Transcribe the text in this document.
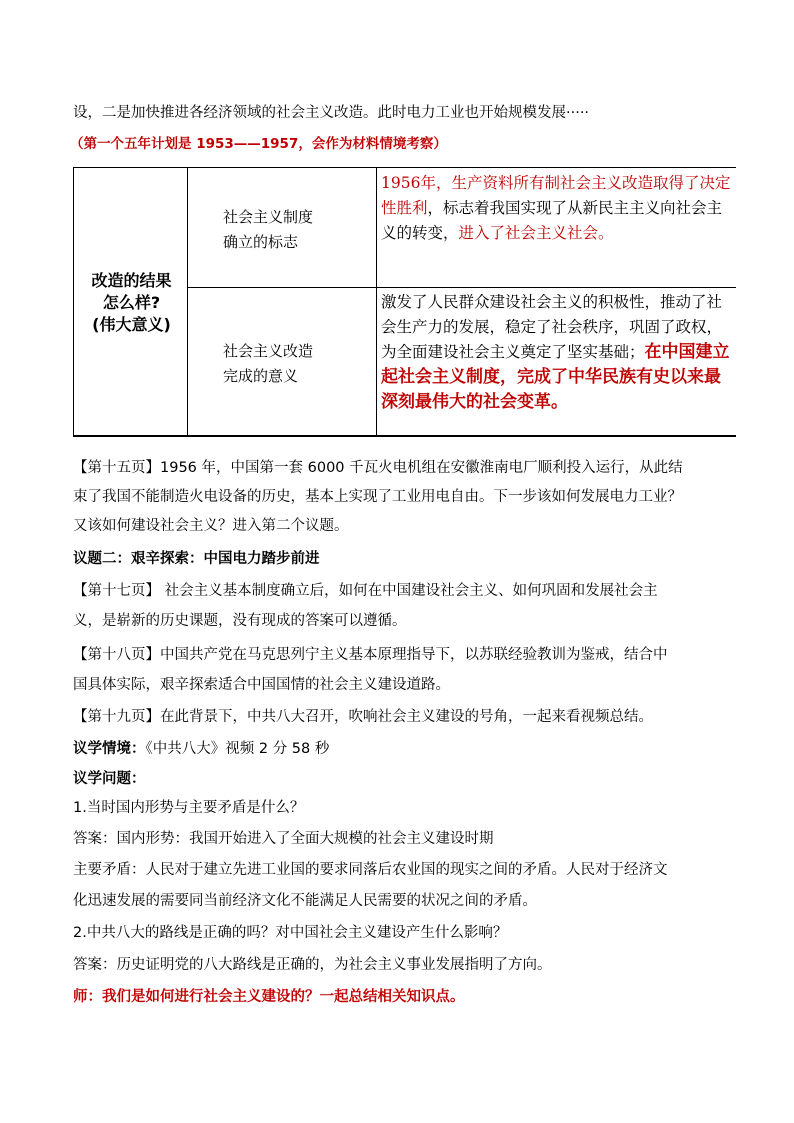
设，二是加快推进各经济领域的社会主义改造。此时电力工业也开始规模发展·····
（第一个五年计划是 1953——1957，会作为材料情境考察）
改造的结果
怎么样?
(伟大意义)
社会主义制度
确立的标志
社会主义改造
完成的意义
1956年，生产资料所有制社会主义改造取得了决定性胜利，标志着我国实现了从新民主主义向社会主义的转变，进入了社会主义社会。
激发了人民群众建设社会主义的积极性，推动了社会生产力的发展，稳定了社会秩序，巩固了政权，为全面建设社会主义奠定了坚实基础；在中国建立起社会主义制度，完成了中华民族有史以来最深刻最伟大的社会变革。
【第十五页】1956 年，中国第一套 6000 千瓦火电机组在安徽淮南电厂顺利投入运行，从此结
束了我国不能制造火电设备的历史，基本上实现了工业用电自由。下一步该如何发展电力工业？
又该如何建设社会主义？进入第二个议题。
议题二：艰辛探索：中国电力踏步前进
【第十七页】 社会主义基本制度确立后，如何在中国建设社会主义、如何巩固和发展社会主
义，是崭新的历史课题，没有现成的答案可以遵循。
【第十八页】中国共产党在马克思列宁主义基本原理指导下，以苏联经验教训为鉴戒，结合中
国具体实际，艰辛探索适合中国国情的社会主义建设道路。
【第十九页】在此背景下，中共八大召开，吹响社会主义建设的号角，一起来看视频总结。
议学情境：《中共八大》视频 2 分 58 秒
议学问题：
1.当时国内形势与主要矛盾是什么？
答案：国内形势：我国开始进入了全面大规模的社会主义建设时期
主要矛盾：人民对于建立先进工业国的要求同落后农业国的现实之间的矛盾。人民对于经济文
化迅速发展的需要同当前经济文化不能满足人民需要的状况之间的矛盾。
2.中共八大的路线是正确的吗？对中国社会主义建设产生什么影响？
答案：历史证明党的八大路线是正确的，为社会主义事业发展指明了方向。
师：我们是如何进行社会主义建设的？一起总结相关知识点。
